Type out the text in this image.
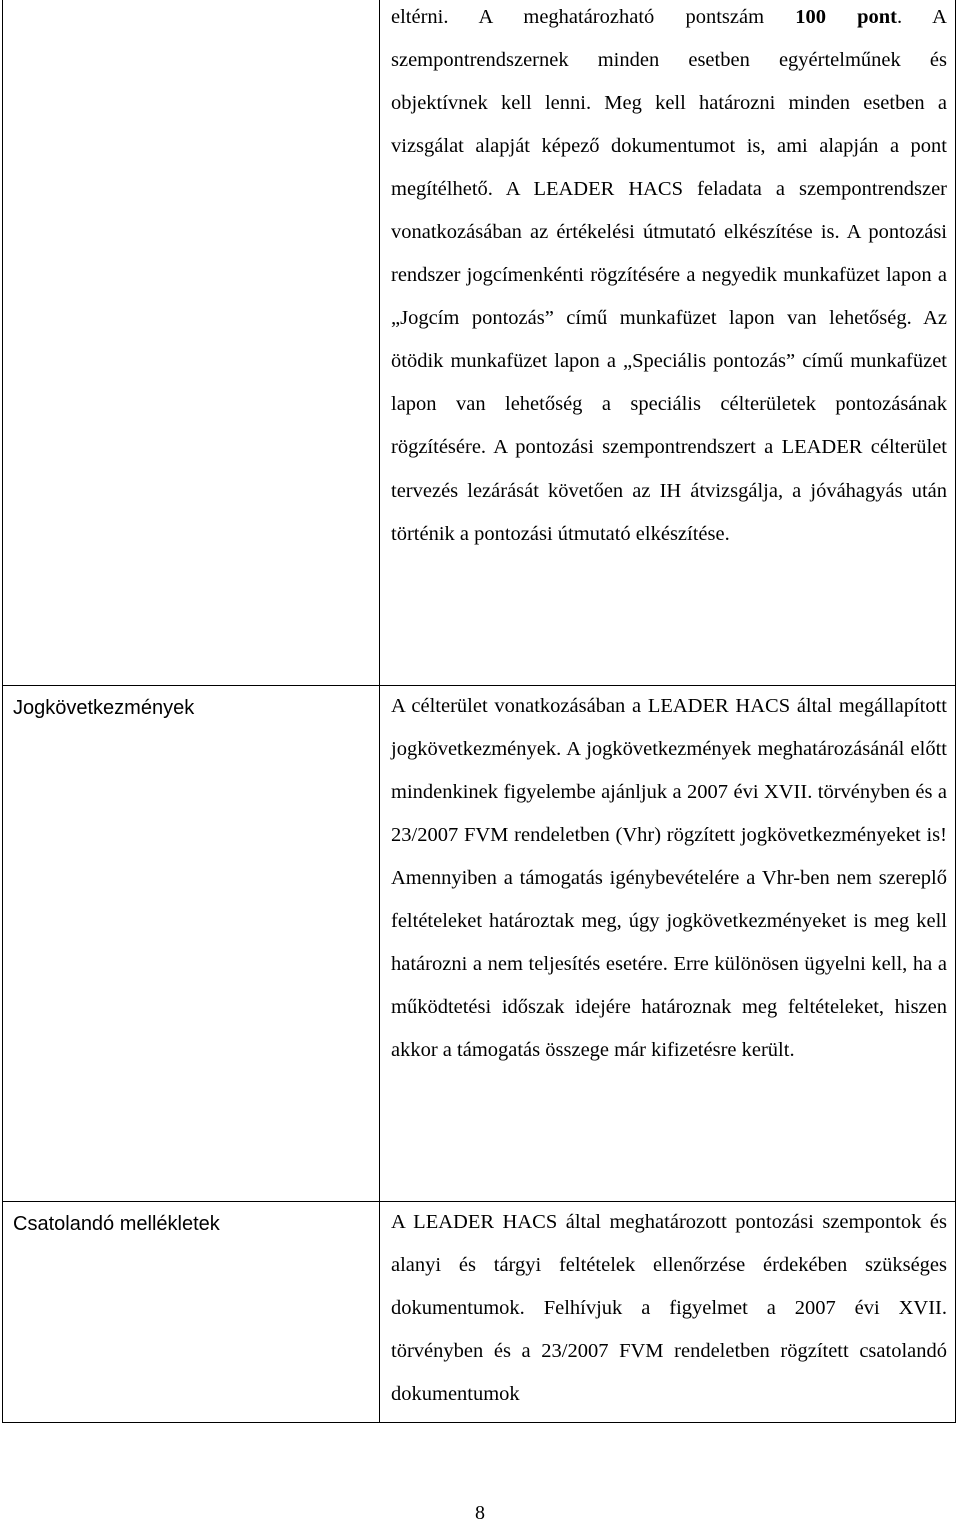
eltérni. A meghatározható pontszám 100 pont. A szempontrendszernek minden esetben egyértelműnek és objektívnek kell lenni. Meg kell határozni minden esetben a vizsgálat alapját képező dokumentumot is, ami alapján a pont megítélhető. A LEADER HACS feladata a szempontrendszer vonatkozásában az értékelési útmutató elkészítése is. A pontozási rendszer jogcímenkénti rögzítésére a negyedik munkafüzet lapon a „Jogcím pontozás” című munkafüzet lapon van lehetőség. Az ötödik munkafüzet lapon a „Speciális pontozás” című munkafüzet lapon van lehetőség a speciális célterületek pontozásának rögzítésére. A pontozási szempontrendszert a LEADER célterület tervezés lezárását követően az IH átvizsgálja, a jóváhagyás után történik a pontozási útmutató elkészítése.

Jogkövetkezmények	A célterület vonatkozásában a LEADER HACS által megállapított jogkövetkezmények. A jogkövetkezmények meghatározásánál előtt mindenkinek figyelembe ajánljuk a 2007 évi XVII. törvényben és a 23/2007 FVM rendeletben (Vhr) rögzített jogkövetkezményeket is! Amennyiben a támogatás igénybevételére a Vhr-ben nem szereplő feltételeket határoztak meg, úgy jogkövetkezményeket is meg kell határozni a nem teljesítés esetére. Erre különösen ügyelni kell, ha a működtetési időszak idejére határoznak meg feltételeket, hiszen akkor a támogatás összege már kifizetésre került.

Csatolandó mellékletek	A LEADER HACS által meghatározott pontozási szempontok és alanyi és tárgyi feltételek ellenőrzése érdekében szükséges dokumentumok. Felhívjuk a figyelmet a 2007 évi XVII. törvényben és a 23/2007 FVM rendeletben rögzített csatolandó dokumentumok

8
